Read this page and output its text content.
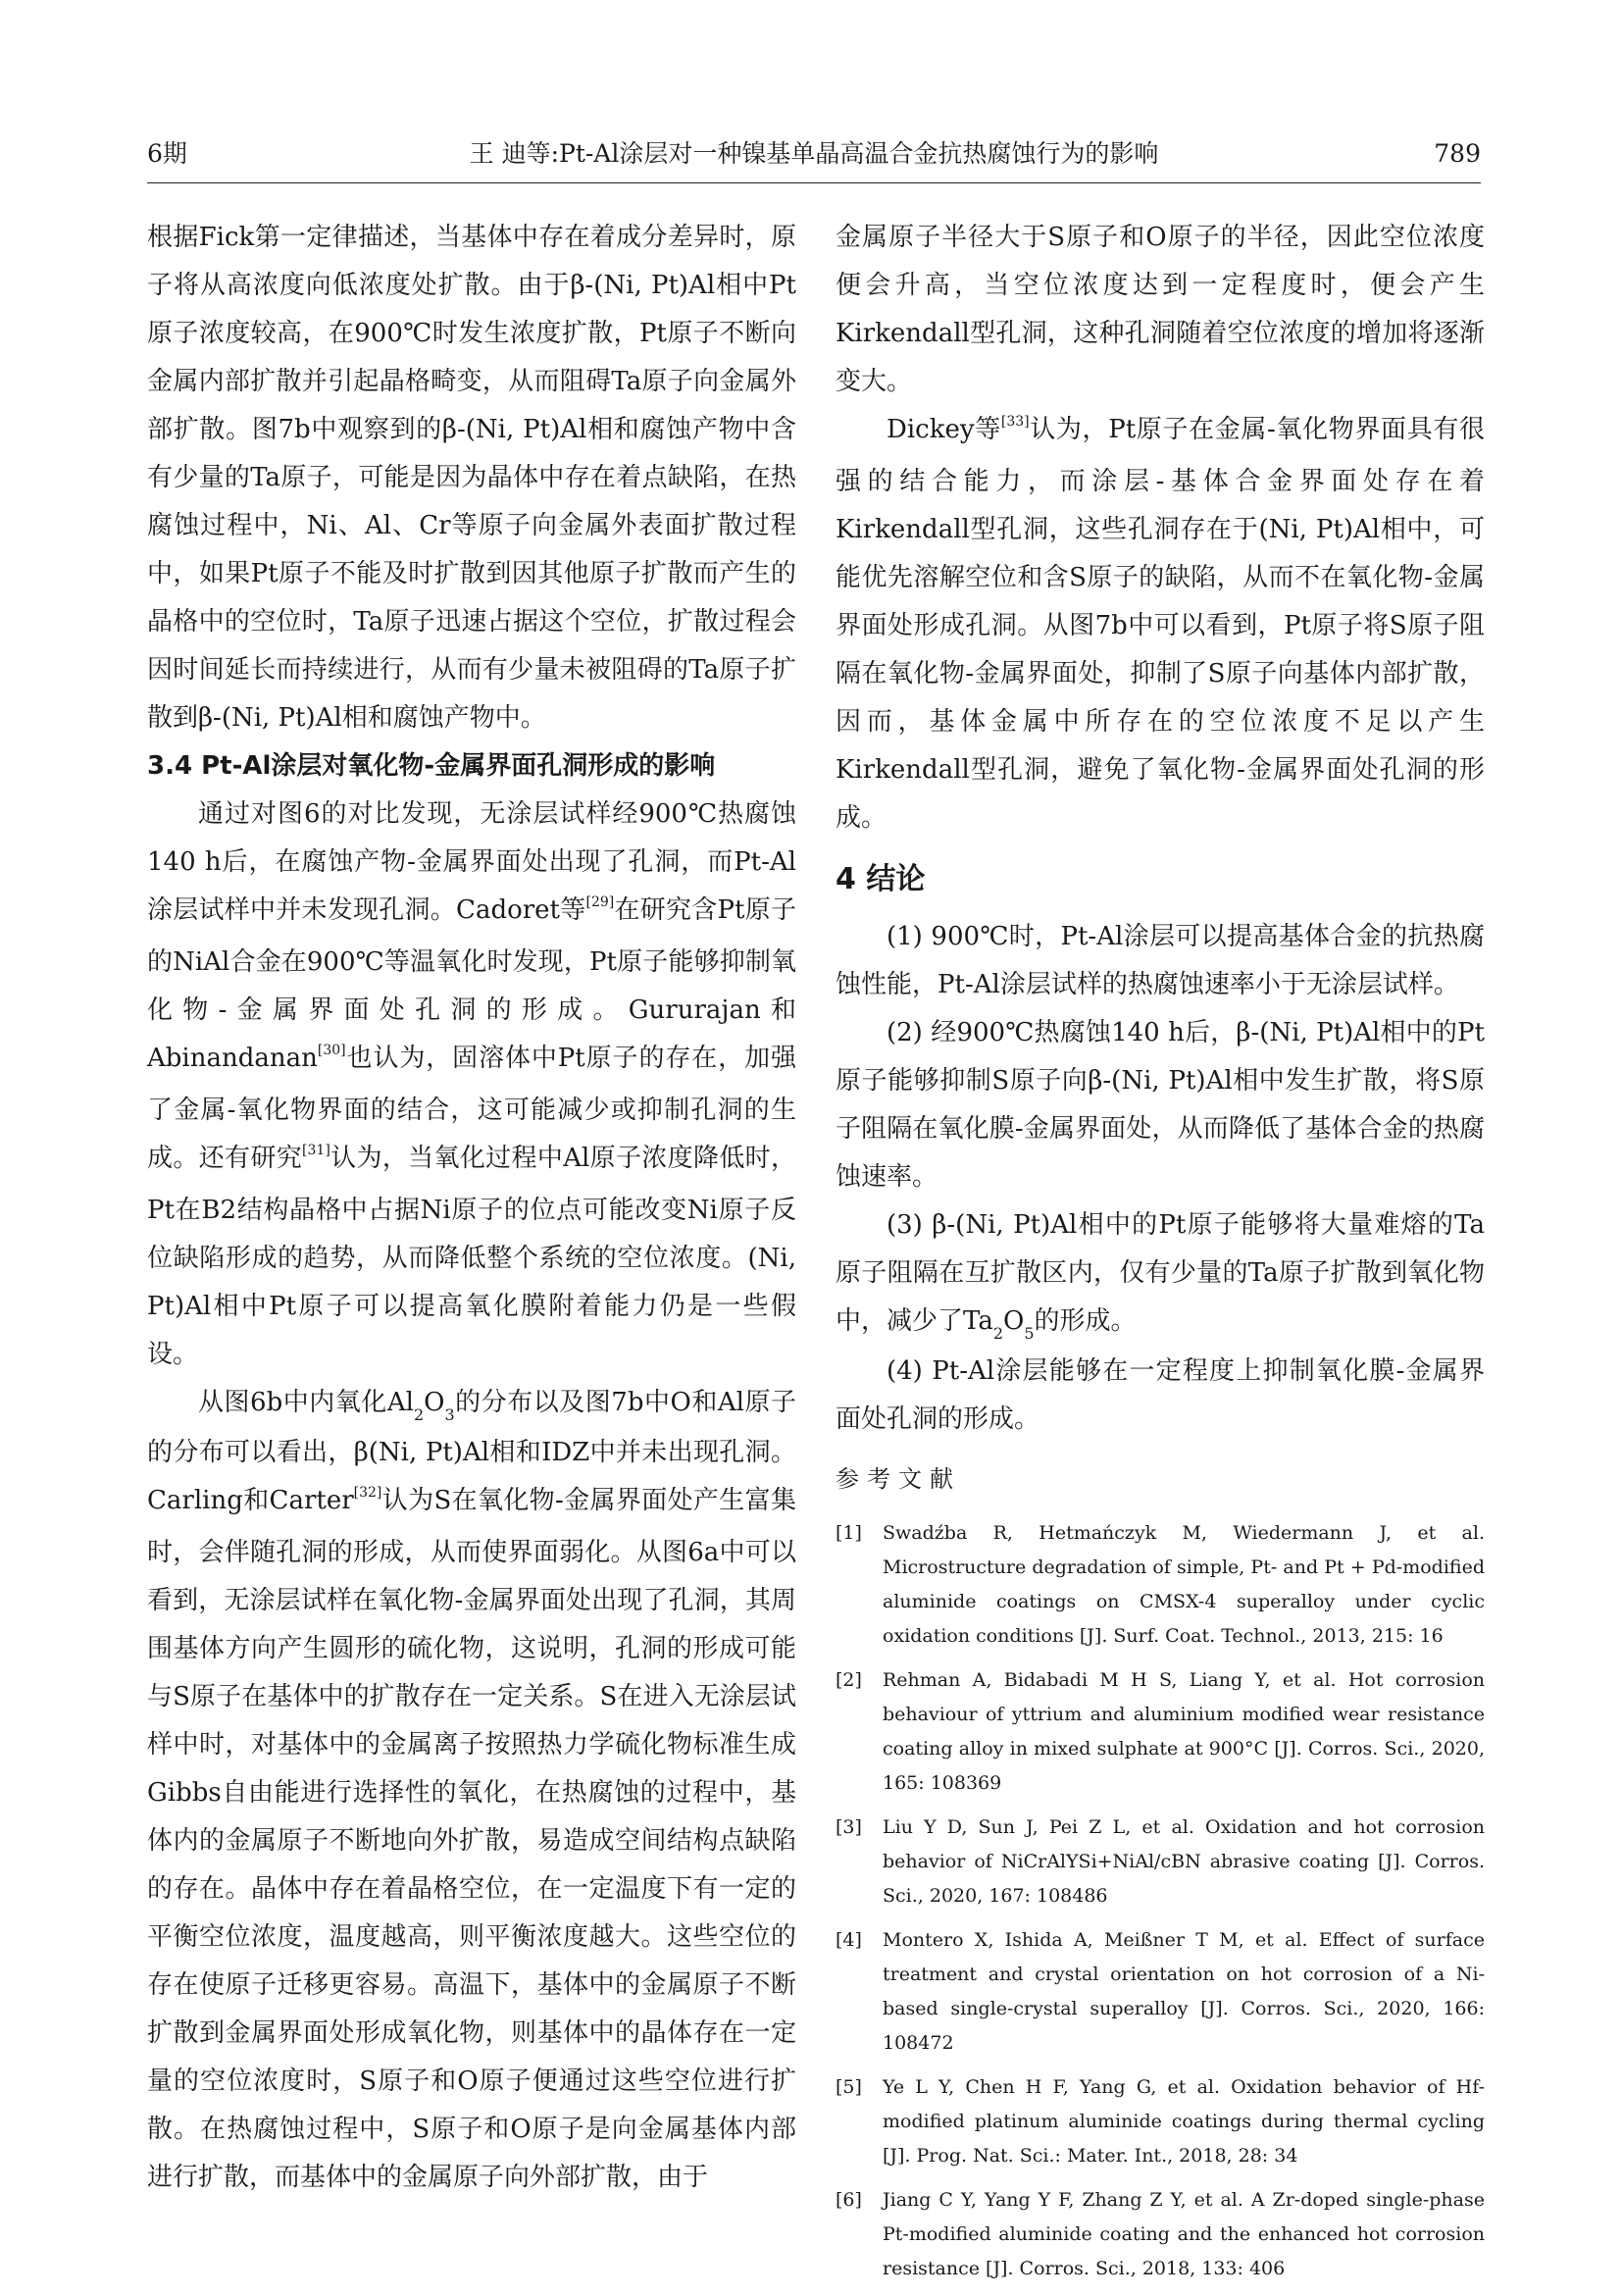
6期	王 迪等:Pt-Al涂层对一种镍基单晶高温合金抗热腐蚀行为的影响	789

根据Fick第一定律描述，当基体中存在着成分差异时，原子将从高浓度向低浓度处扩散。由于β-(Ni, Pt)Al相中Pt原子浓度较高，在900℃时发生浓度扩散，Pt原子不断向金属内部扩散并引起晶格畸变，从而阻碍Ta原子向金属外部扩散。图7b中观察到的β-(Ni, Pt)Al相和腐蚀产物中含有少量的Ta原子，可能是因为晶体中存在着点缺陷，在热腐蚀过程中，Ni、Al、Cr等原子向金属外表面扩散过程中，如果Pt原子不能及时扩散到因其他原子扩散而产生的晶格中的空位时，Ta原子迅速占据这个空位，扩散过程会因时间延长而持续进行，从而有少量未被阻碍的Ta原子扩散到β-(Ni, Pt)Al相和腐蚀产物中。

3.4 Pt-Al涂层对氧化物-金属界面孔洞形成的影响

通过对图6的对比发现，无涂层试样经900℃热腐蚀140 h后，在腐蚀产物-金属界面处出现了孔洞，而Pt-Al涂层试样中并未发现孔洞。Cadoret等[29]在研究含Pt原子的NiAl合金在900℃等温氧化时发现，Pt原子能够抑制氧化物-金属界面处孔洞的形成。Gururajan和Abinandanan[30]也认为，固溶体中Pt原子的存在，加强了金属-氧化物界面的结合，这可能减少或抑制孔洞的生成。还有研究[31]认为，当氧化过程中Al原子浓度降低时，Pt在B2结构晶格中占据Ni原子的位点可能改变Ni原子反位缺陷形成的趋势，从而降低整个系统的空位浓度。(Ni, Pt)Al相中Pt原子可以提高氧化膜附着能力仍是一些假设。

从图6b中内氧化$Al_2O_3$的分布以及图7b中O和Al原子的分布可以看出，β(Ni, Pt)Al相和IDZ中并未出现孔洞。Carling和Carter[32]认为S在氧化物-金属界面处产生富集时，会伴随孔洞的形成，从而使界面弱化。从图6a中可以看到，无涂层试样在氧化物-金属界面处出现了孔洞，其周围基体方向产生圆形的硫化物，这说明，孔洞的形成可能与S原子在基体中的扩散存在一定关系。S在进入无涂层试样中时，对基体中的金属离子按照热力学硫化物标准生成Gibbs自由能进行选择性的氧化，在热腐蚀的过程中，基体内的金属原子不断地向外扩散，易造成空间结构点缺陷的存在。晶体中存在着晶格空位，在一定温度下有一定的平衡空位浓度，温度越高，则平衡浓度越大。这些空位的存在使原子迁移更容易。高温下，基体中的金属原子不断扩散到金属界面处形成氧化物，则基体中的晶体存在一定量的空位浓度时，S原子和O原子便通过这些空位进行扩散。在热腐蚀过程中，S原子和O原子是向金属基体内部进行扩散，而基体中的金属原子向外部扩散，由于

金属原子半径大于S原子和O原子的半径，因此空位浓度便会升高，当空位浓度达到一定程度时，便会产生Kirkendall型孔洞，这种孔洞随着空位浓度的增加将逐渐变大。

Dickey等[33]认为，Pt原子在金属-氧化物界面具有很强的结合能力，而涂层-基体合金界面处存在着Kirkendall型孔洞，这些孔洞存在于(Ni, Pt)Al相中，可能优先溶解空位和含S原子的缺陷，从而不在氧化物-金属界面处形成孔洞。从图7b中可以看到，Pt原子将S原子阻隔在氧化物-金属界面处，抑制了S原子向基体内部扩散，因而，基体金属中所存在的空位浓度不足以产生Kirkendall型孔洞，避免了氧化物-金属界面处孔洞的形成。

4 结论

(1) 900℃时，Pt-Al涂层可以提高基体合金的抗热腐蚀性能，Pt-Al涂层试样的热腐蚀速率小于无涂层试样。

(2) 经900℃热腐蚀140 h后，β-(Ni, Pt)Al相中的Pt原子能够抑制S原子向β-(Ni, Pt)Al相中发生扩散，将S原子阻隔在氧化膜-金属界面处，从而降低了基体合金的热腐蚀速率。

(3) β-(Ni, Pt)Al相中的Pt原子能够将大量难熔的Ta原子阻隔在互扩散区内，仅有少量的Ta原子扩散到氧化物中，减少了$Ta_2O_5$的形成。

(4) Pt-Al涂层能够在一定程度上抑制氧化膜-金属界面处孔洞的形成。

参考文献

[1] Swadźba R, Hetmańczyk M, Wiedermann J, et al. Microstructure degradation of simple, Pt- and Pt + Pd-modified aluminide coatings on CMSX-4 superalloy under cyclic oxidation conditions [J]. Surf. Coat. Technol., 2013, 215: 16

[2] Rehman A, Bidabadi M H S, Liang Y, et al. Hot corrosion behaviour of yttrium and aluminium modified wear resistance coating alloy in mixed sulphate at 900°C [J]. Corros. Sci., 2020, 165: 108369

[3] Liu Y D, Sun J, Pei Z L, et al. Oxidation and hot corrosion behavior of NiCrAlYSi+NiAl/cBN abrasive coating [J]. Corros. Sci., 2020, 167: 108486

[4] Montero X, Ishida A, Meißner T M, et al. Effect of surface treatment and crystal orientation on hot corrosion of a Ni-based single-crystal superalloy [J]. Corros. Sci., 2020, 166: 108472

[5] Ye L Y, Chen H F, Yang G, et al. Oxidation behavior of Hf-modified platinum aluminide coatings during thermal cycling [J]. Prog. Nat. Sci.: Mater. Int., 2018, 28: 34

[6] Jiang C Y, Yang Y F, Zhang Z Y, et al. A Zr-doped single-phase Pt-modified aluminide coating and the enhanced hot corrosion resistance [J]. Corros. Sci., 2018, 133: 406
